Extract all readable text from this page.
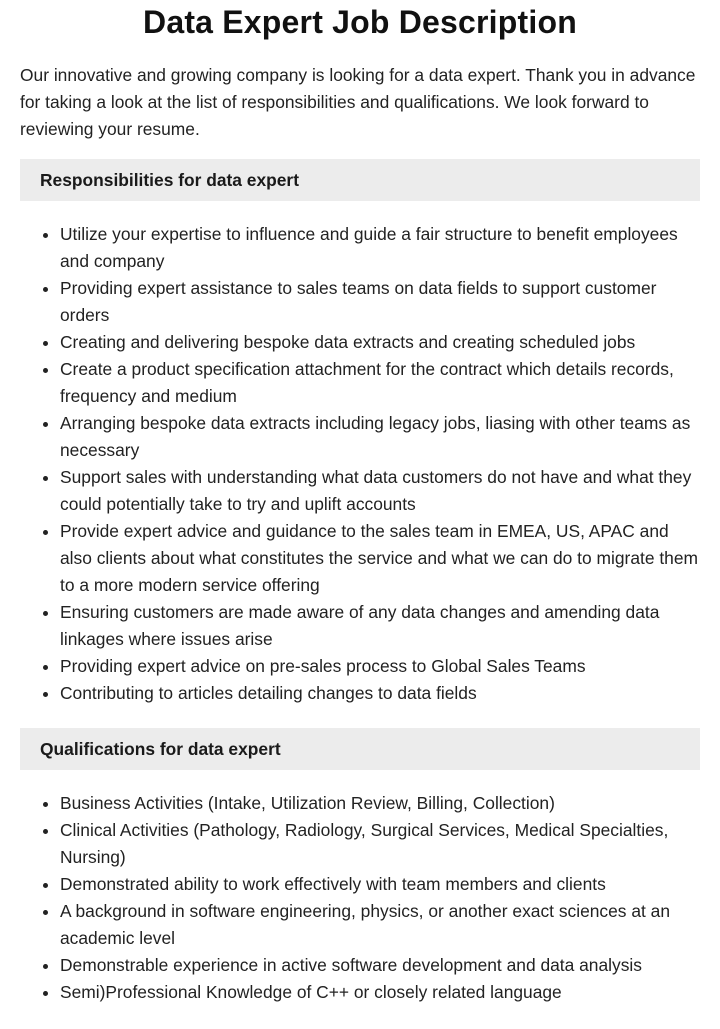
Data Expert Job Description

Our innovative and growing company is looking for a data expert. Thank you in advance for taking a look at the list of responsibilities and qualifications. We look forward to reviewing your resume.

Responsibilities for data expert
Utilize your expertise to influence and guide a fair structure to benefit employees and company
Providing expert assistance to sales teams on data fields to support customer orders
Creating and delivering bespoke data extracts and creating scheduled jobs
Create a product specification attachment for the contract which details records, frequency and medium
Arranging bespoke data extracts including legacy jobs, liasing with other teams as necessary
Support sales with understanding what data customers do not have and what they could potentially take to try and uplift accounts
Provide expert advice and guidance to the sales team in EMEA, US, APAC and also clients about what constitutes the service and what we can do to migrate them to a more modern service offering
Ensuring customers are made aware of any data changes and amending data linkages where issues arise
Providing expert advice on pre-sales process to Global Sales Teams
Contributing to articles detailing changes to data fields
Qualifications for data expert
Business Activities (Intake, Utilization Review, Billing, Collection)
Clinical Activities (Pathology, Radiology, Surgical Services, Medical Specialties, Nursing)
Demonstrated ability to work effectively with team members and clients
A background in software engineering, physics, or another exact sciences at an academic level
Demonstrable experience in active software development and data analysis
Semi)Professional Knowledge of C++ or closely related language
